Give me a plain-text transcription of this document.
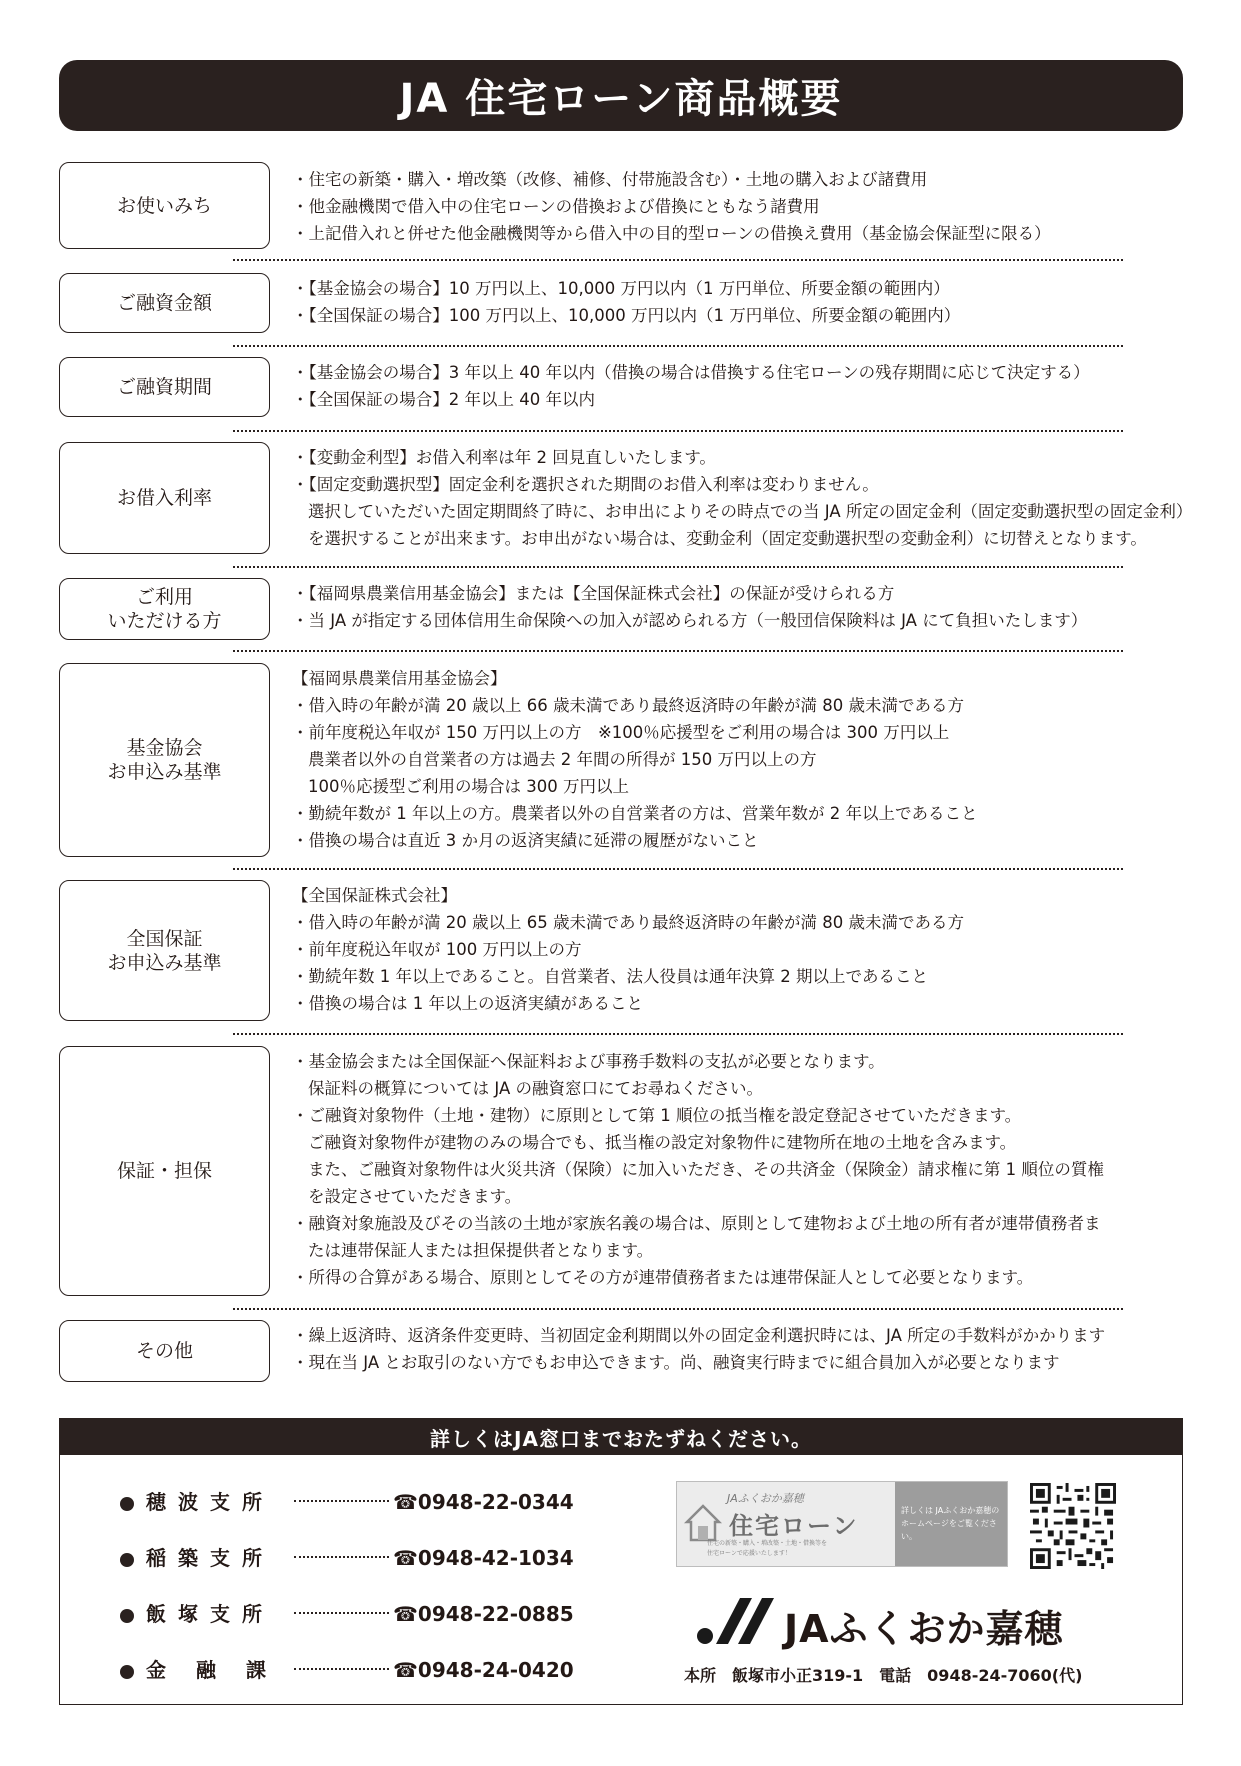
JA 住宅ローン商品概要
お使いみち
・住宅の新築・購入・増改築（改修、補修、付帯施設含む）・土地の購入および諸費用
・他金融機関で借入中の住宅ローンの借換および借換にともなう諸費用
・上記借入れと併せた他金融機関等から借入中の目的型ローンの借換え費用（基金協会保証型に限る）
ご融資金額
・【基金協会の場合】10 万円以上、10,000 万円以内（1 万円単位、所要金額の範囲内）
・【全国保証の場合】100 万円以上、10,000 万円以内（1 万円単位、所要金額の範囲内）
ご融資期間
・【基金協会の場合】3 年以上 40 年以内（借換の場合は借換する住宅ローンの残存期間に応じて決定する）
・【全国保証の場合】2 年以上 40 年以内
お借入利率
・【変動金利型】お借入利率は年 2 回見直しいたします。
・【固定変動選択型】固定金利を選択された期間のお借入利率は変わりません。
選択していただいた固定期間終了時に、お申出によりその時点での当 JA 所定の固定金利（固定変動選択型の固定金利）
を選択することが出来ます。お申出がない場合は、変動金利（固定変動選択型の変動金利）に切替えとなります。
ご利用
いただける方
・【福岡県農業信用基金協会】または【全国保証株式会社】の保証が受けられる方
・当 JA が指定する団体信用生命保険への加入が認められる方（一般団信保険料は JA にて負担いたします）
基金協会
お申込み基準
【福岡県農業信用基金協会】
・借入時の年齢が満 20 歳以上 66 歳未満であり最終返済時の年齢が満 80 歳未満である方
・前年度税込年収が 150 万円以上の方　※100％応援型をご利用の場合は 300 万円以上
農業者以外の自営業者の方は過去 2 年間の所得が 150 万円以上の方
100％応援型ご利用の場合は 300 万円以上
・勤続年数が 1 年以上の方。農業者以外の自営業者の方は、営業年数が 2 年以上であること
・借換の場合は直近 3 か月の返済実績に延滞の履歴がないこと
全国保証
お申込み基準
【全国保証株式会社】
・借入時の年齢が満 20 歳以上 65 歳未満であり最終返済時の年齢が満 80 歳未満である方
・前年度税込年収が 100 万円以上の方
・勤続年数 1 年以上であること。自営業者、法人役員は通年決算 2 期以上であること
・借換の場合は 1 年以上の返済実績があること
保証・担保
・基金協会または全国保証へ保証料および事務手数料の支払が必要となります。
保証料の概算については JA の融資窓口にてお尋ねください。
・ご融資対象物件（土地・建物）に原則として第 1 順位の抵当権を設定登記させていただきます。
ご融資対象物件が建物のみの場合でも、抵当権の設定対象物件に建物所在地の土地を含みます。
また、ご融資対象物件は火災共済（保険）に加入いただき、その共済金（保険金）請求権に第 1 順位の質権
を設定させていただきます。
・融資対象施設及びその当該の土地が家族名義の場合は、原則として建物および土地の所有者が連帯債務者ま
たは連帯保証人または担保提供者となります。
・所得の合算がある場合、原則としてその方が連帯債務者または連帯保証人として必要となります。
その他
・繰上返済時、返済条件変更時、当初固定金利期間以外の固定金利選択時には、JA 所定の手数料がかかります
・現在当 JA とお取引のない方でもお申込できます。尚、融資実行時までに組合員加入が必要となります
詳しくはJA窓口までおたずねください。
穂波支所	☎0948-22-0344
稲築支所	☎0948-42-1034
飯塚支所	☎0948-22-0885
金融課	☎0948-24-0420
JAふくおか嘉穂
住宅ローン
住宅の新築・購入・増改築・土地・借換等を
住宅ローンで応援いたします！
詳しくは JAふくおか嘉穂の ホームページをご覧ください。
JAふくおか嘉穂
本所　飯塚市小正319-1　電話　0948-24-7060(代)
